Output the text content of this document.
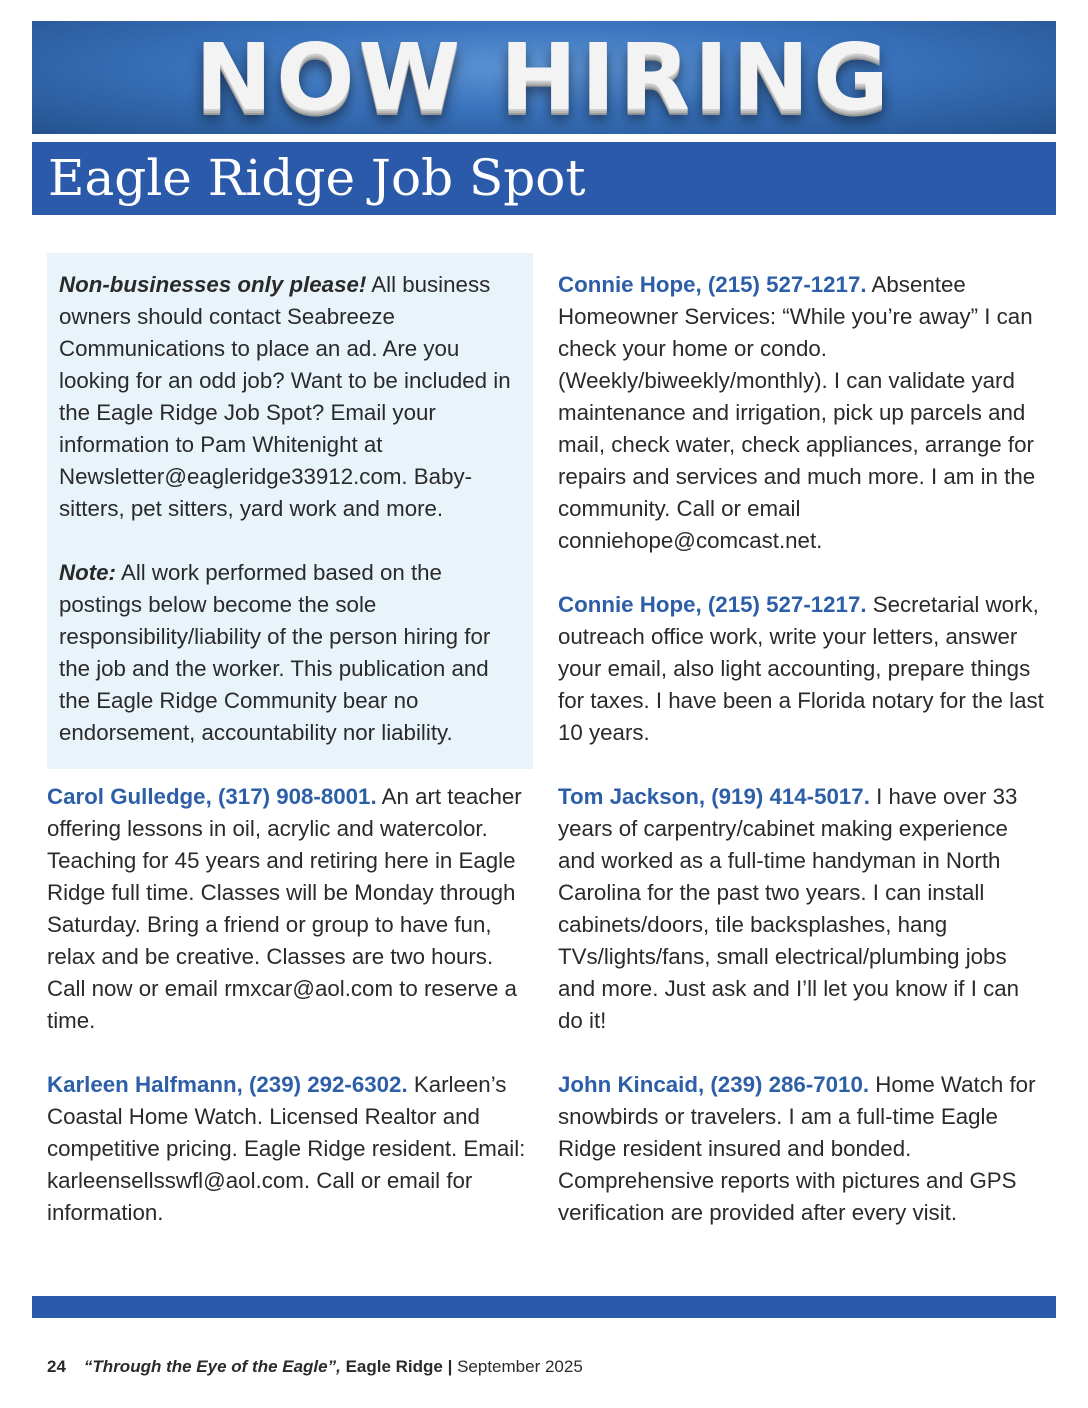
NOW HIRING
Eagle Ridge Job Spot

Non-businesses only please! All business owners should contact Seabreeze Communications to place an ad. Are you looking for an odd job? Want to be included in the Eagle Ridge Job Spot? Email your information to Pam Whitenight at Newsletter@eagleridge33912.com. Baby-sitters, pet sitters, yard work and more.

Note: All work performed based on the postings below become the sole responsibility/liability of the person hiring for the job and the worker. This publication and the Eagle Ridge Community bear no endorsement, accountability nor liability.

Carol Gulledge, (317) 908-8001. An art teacher offering lessons in oil, acrylic and watercolor. Teaching for 45 years and retiring here in Eagle Ridge full time. Classes will be Monday through Saturday. Bring a friend or group to have fun, relax and be creative. Classes are two hours. Call now or email rmxcar@aol.com to reserve a time.

Karleen Halfmann, (239) 292-6302. Karleen’s Coastal Home Watch. Licensed Realtor and competitive pricing. Eagle Ridge resident. Email: karleensellsswfl@aol.com. Call or email for information.

Connie Hope, (215) 527-1217. Absentee Homeowner Services: “While you’re away” I can check your home or condo. (Weekly/biweekly/monthly). I can validate yard maintenance and irrigation, pick up parcels and mail, check water, check appliances, arrange for repairs and services and much more. I am in the community. Call or email conniehope@comcast.net.

Connie Hope, (215) 527-1217. Secretarial work, outreach office work, write your letters, answer your email, also light accounting, prepare things for taxes. I have been a Florida notary for the last 10 years.

Tom Jackson, (919) 414-5017. I have over 33 years of carpentry/cabinet making experience and worked as a full-time handyman in North Carolina for the past two years. I can install cabinets/doors, tile backsplashes, hang TVs/lights/fans, small electrical/plumbing jobs and more. Just ask and I’ll let you know if I can do it!

John Kincaid, (239) 286-7010. Home Watch for snowbirds or travelers. I am a full-time Eagle Ridge resident insured and bonded. Comprehensive reports with pictures and GPS verification are provided after every visit.

24 “Through the Eye of the Eagle”, Eagle Ridge | September 2025
